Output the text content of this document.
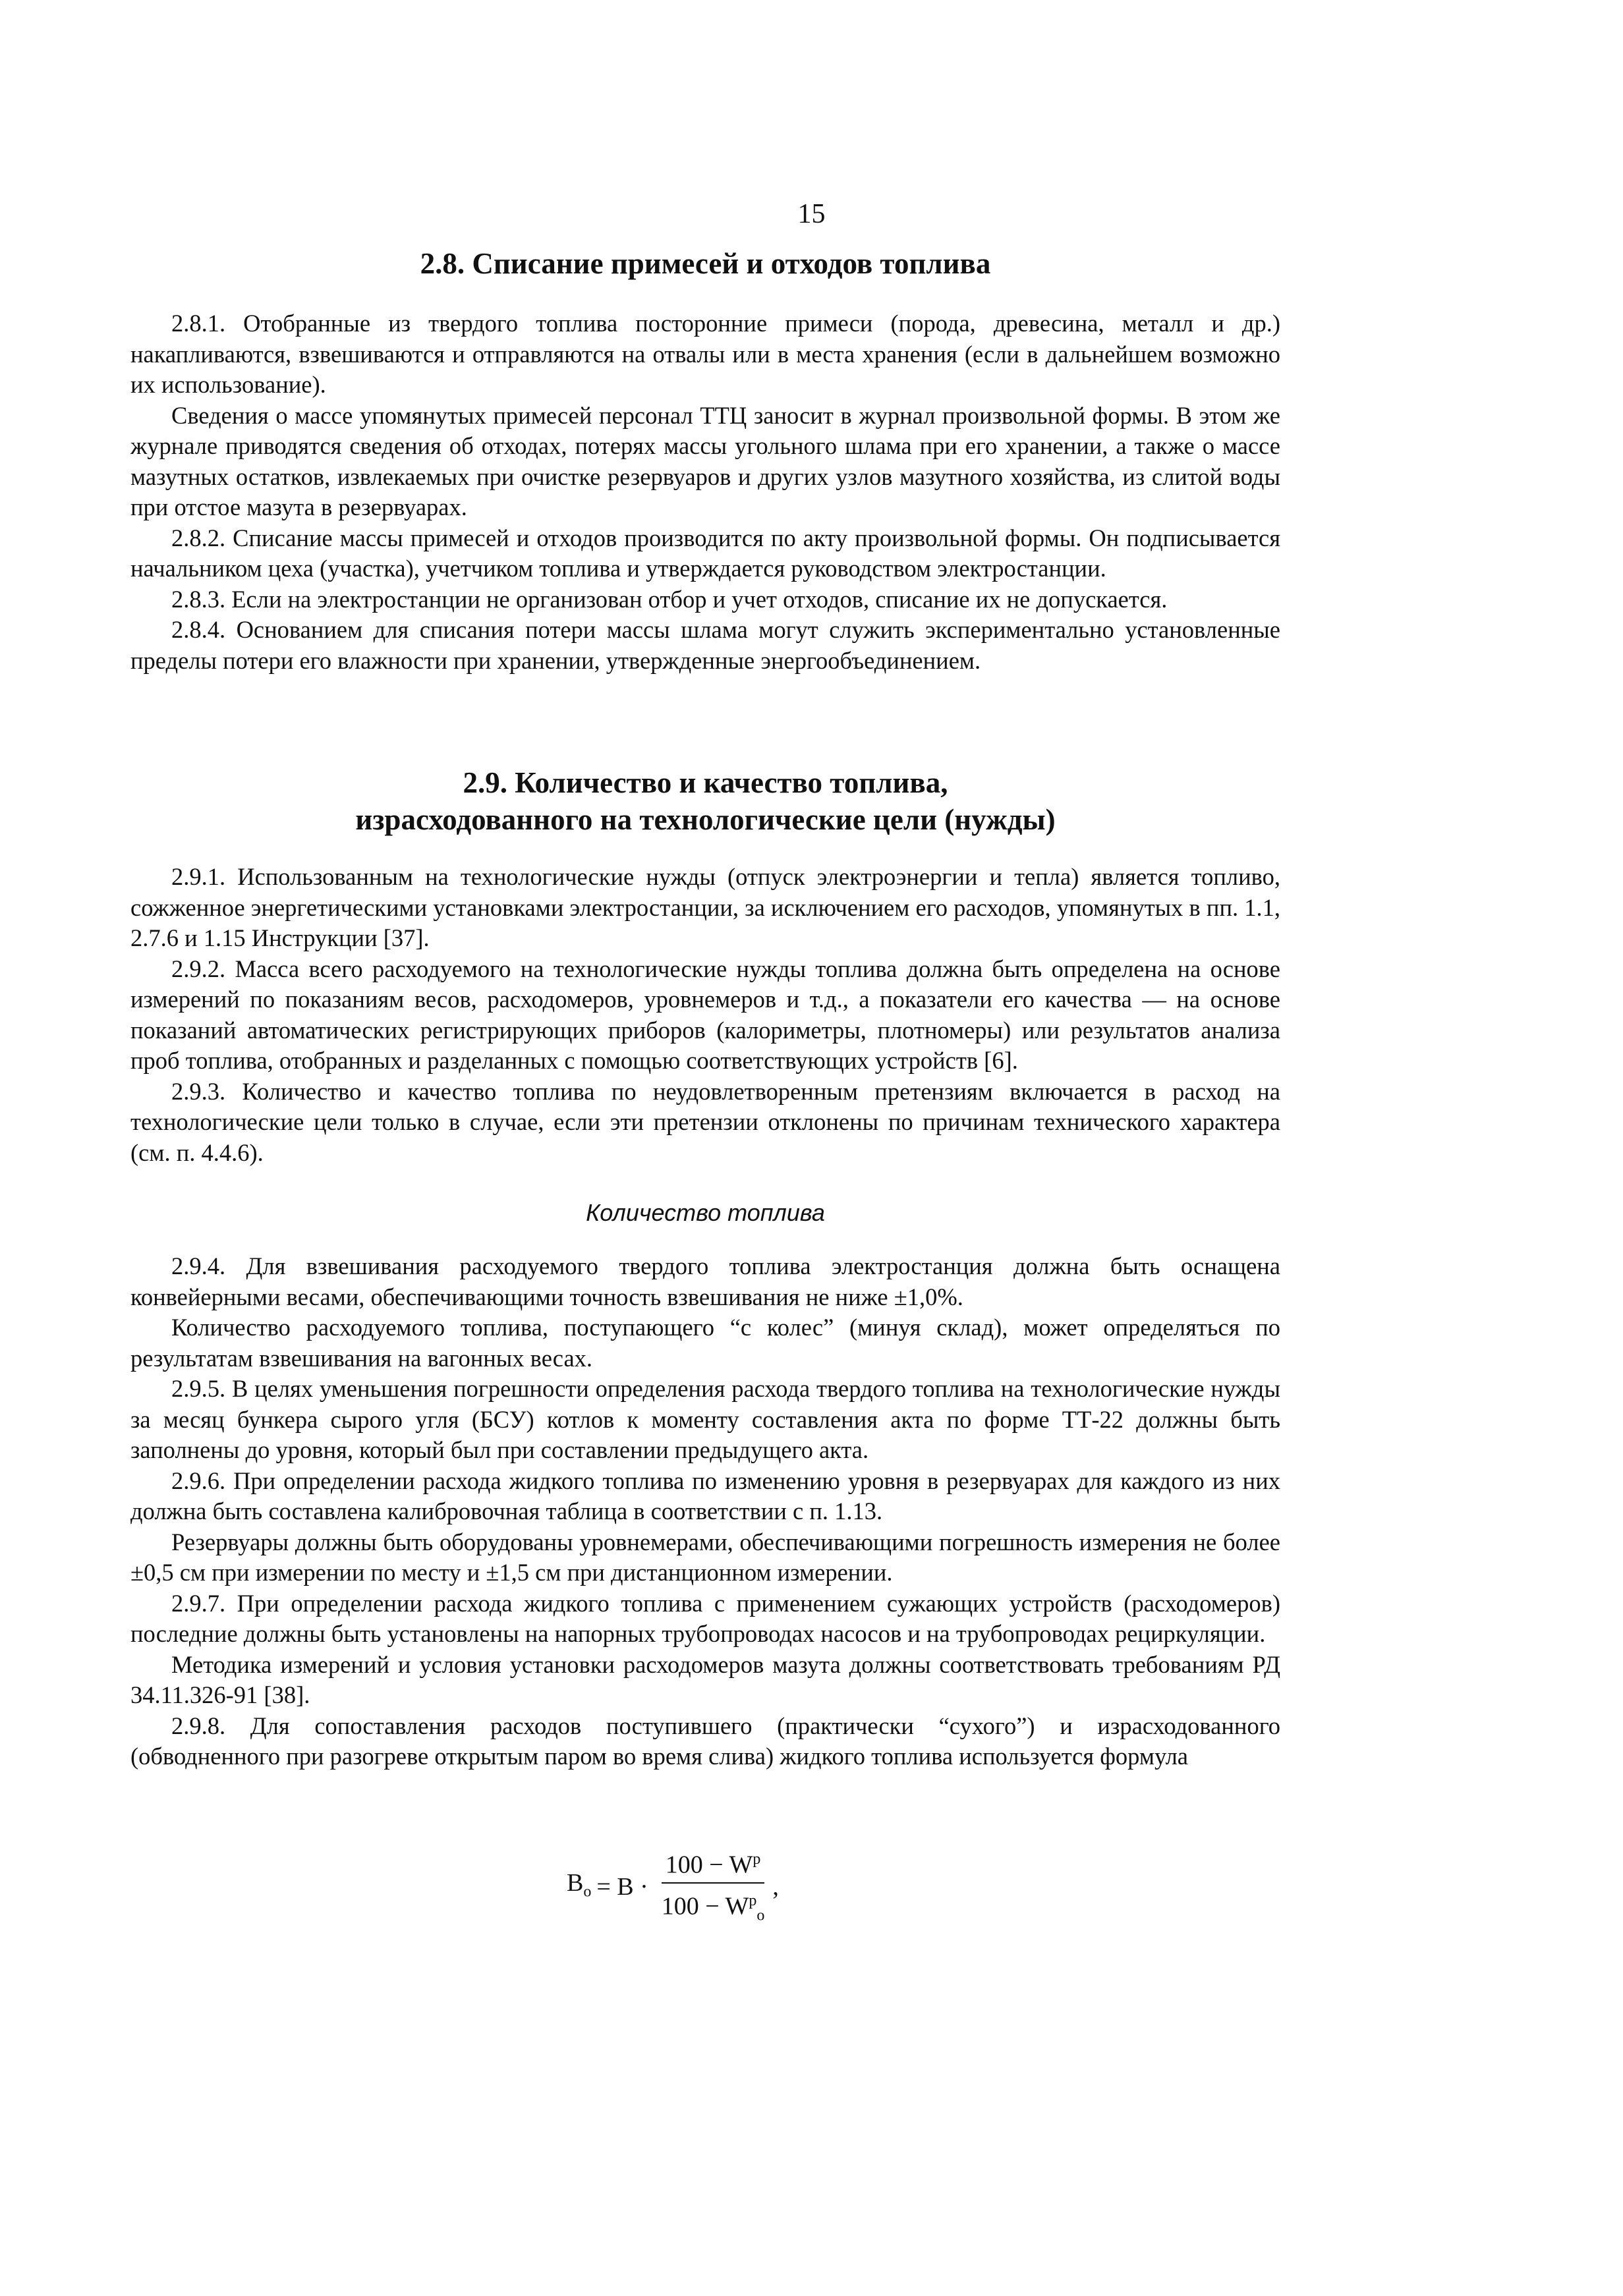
15
2.8. Списание примесей и отходов топлива

2.8.1. Отобранные из твердого топлива посторонние примеси (порода, древесина, металл и др.) накапливаются, взвешиваются и отправляются на отвалы или в места хранения (если в дальнейшем возможно их использование).

Сведения о массе упомянутых примесей персонал ТТЦ заносит в журнал произвольной формы. В этом же журнале приводятся сведения об отходах, потерях массы угольного шлама при его хранении, а также о массе мазутных остатков, извлекаемых при очистке резервуаров и других узлов мазутного хозяйства, из слитой воды при отстое мазута в резервуарах.

2.8.2. Списание массы примесей и отходов производится по акту произвольной формы. Он подписывается начальником цеха (участка), учетчиком топлива и утверждается руководством электростанции.

2.8.3. Если на электростанции не организован отбор и учет отходов, списание их не допускается.

2.8.4. Основанием для списания потери массы шлама могут служить экспериментально установленные пределы потери его влажности при хранении, утвержденные энергообъединением.

2.9. Количество и качество топлива,
израсходованного на технологические цели (нужды)

2.9.1. Использованным на технологические нужды (отпуск электроэнергии и тепла) является топливо, сожженное энергетическими установками электростанции, за исключением его расходов, упомянутых в пп. 1.1, 2.7.6 и 1.15 Инструкции [37].

2.9.2. Масса всего расходуемого на технологические нужды топлива должна быть определена на основе измерений по показаниям весов, расходомеров, уровнемеров и т.д., а показатели его качества — на основе показаний автоматических регистрирующих приборов (калориметры, плотномеры) или результатов анализа проб топлива, отобранных и разделанных с помощью соответствующих устройств [6].

2.9.3. Количество и качество топлива по неудовлетворенным претензиям включается в расход на технологические цели только в случае, если эти претензии отклонены по причинам технического характера (см. п. 4.4.6).

Количество топлива

2.9.4. Для взвешивания расходуемого твердого топлива электростанция должна быть оснащена конвейерными весами, обеспечивающими точность взвешивания не ниже ±1,0%.

Количество расходуемого топлива, поступающего “с колес” (минуя склад), может определяться по результатам взвешивания на вагонных весах.

2.9.5. В целях уменьшения погрешности определения расхода твердого топлива на технологические нужды за месяц бункера сырого угля (БСУ) котлов к моменту составления акта по форме ТТ-22 должны быть заполнены до уровня, который был при составлении предыдущего акта.

2.9.6. При определении расхода жидкого топлива по изменению уровня в резервуарах для каждого из них должна быть составлена калибровочная таблица в соответствии с п. 1.13.

Резервуары должны быть оборудованы уровнемерами, обеспечивающими погрешность измерения не более ±0,5 см при измерении по месту и ±1,5 см при дистанционном измерении.

2.9.7. При определении расхода жидкого топлива с применением сужающих устройств (расходомеров) последние должны быть установлены на напорных трубопроводах насосов и на трубопроводах рециркуляции.

Методика измерений и условия установки расходомеров мазута должны соответствовать требованиям РД 34.11.326-91 [38].

2.9.8. Для сопоставления расходов поступившего (практически “сухого”) и израсходованного (обводненного при разогреве открытым паром во время слива) жидкого топлива используется формула

$B_o = B \cdot \frac{100 - W^p}{100 - W^p_o}$ ,
